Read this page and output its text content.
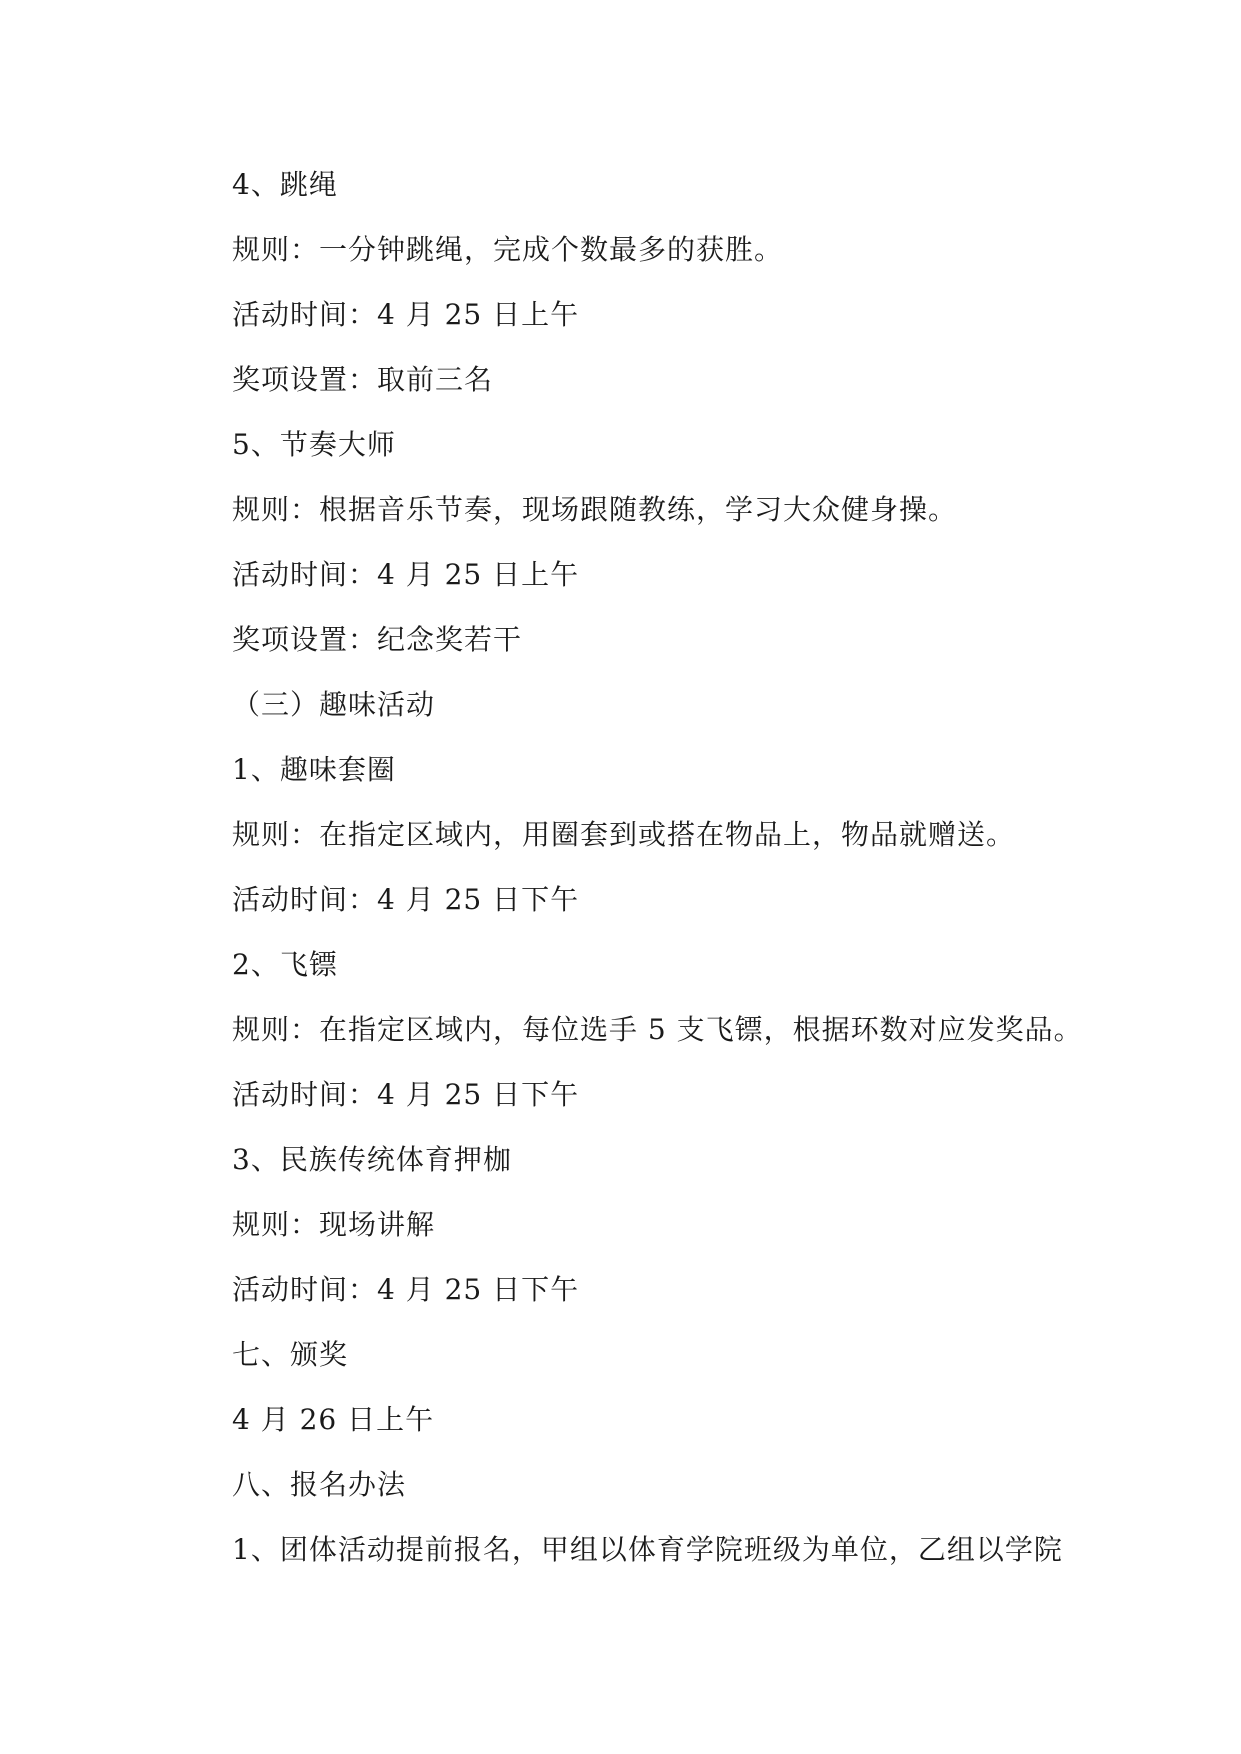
4、跳绳
规则：一分钟跳绳，完成个数最多的获胜。
活动时间：4 月 25 日上午
奖项设置：取前三名
5、节奏大师
规则：根据音乐节奏，现场跟随教练，学习大众健身操。
活动时间：4 月 25 日上午
奖项设置：纪念奖若干
（三）趣味活动
1、趣味套圈
规则：在指定区域内，用圈套到或搭在物品上，物品就赠送。
活动时间：4 月 25 日下午
2、飞镖
规则：在指定区域内，每位选手 5 支飞镖，根据环数对应发奖品。
活动时间：4 月 25 日下午
3、民族传统体育押枷
规则：现场讲解
活动时间：4 月 25 日下午
七、颁奖
4 月 26 日上午
八、报名办法
1、团体活动提前报名，甲组以体育学院班级为单位，乙组以学院
